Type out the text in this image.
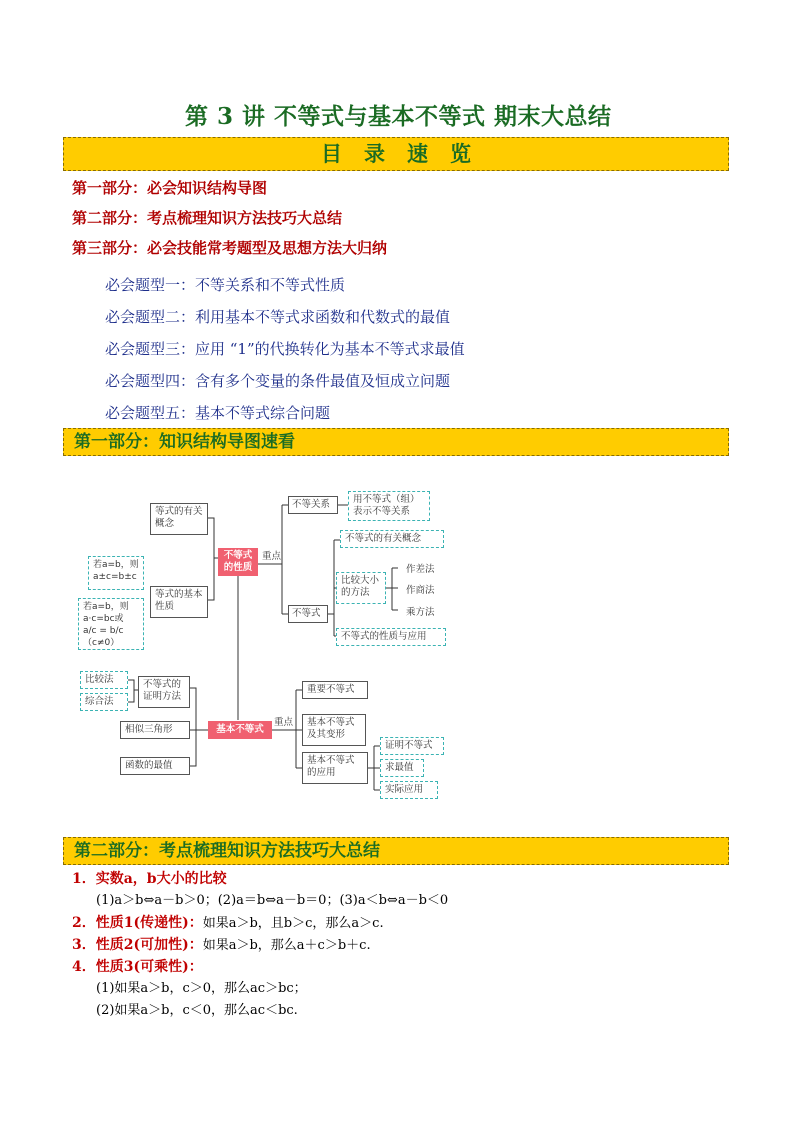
第 3 讲 不等式与基本不等式 期末大总结
目录速览
第一部分：必会知识结构导图
第二部分：考点梳理知识方法技巧大总结
第三部分：必会技能常考题型及思想方法大归纳
必会题型一：不等关系和不等式性质
必会题型二：利用基本不等式求函数和代数式的最值
必会题型三：应用 “1”的代换转化为基本不等式求最值
必会题型四：含有多个变量的条件最值及恒成立问题
必会题型五：基本不等式综合问题
第一部分：知识结构导图速看
等式的有关概念
等式的基本性质
若a=b，则 a±c=b±c
若a=b，则a·c=bc或 a/c = b/c（c≠0）
不等式的性质
重点
不等关系	用不等式（组）表示不等关系
不等式
不等式的有关概念
比较大小的方法
作差法
作商法
乘方法
不等式的性质与应用
比较法
综合法
不等式的证明方法
相似三角形
函数的最值
基本不等式
重点
重要不等式
基本不等式及其变形
基本不等式的应用
证明不等式
求最值
实际应用
第二部分：考点梳理知识方法技巧大总结
1．实数a，b大小的比较
(1)a＞b⇔a－b＞0；(2)a＝b⇔a－b＝0；(3)a＜b⇔a－b＜0
2．性质1(传递性)：如果a＞b，且b＞c，那么a＞c.
3．性质2(可加性)：如果a＞b，那么a＋c＞b＋c.
4．性质3(可乘性)：
(1)如果a＞b，c＞0，那么ac＞bc；
(2)如果a＞b，c＜0，那么ac＜bc.
